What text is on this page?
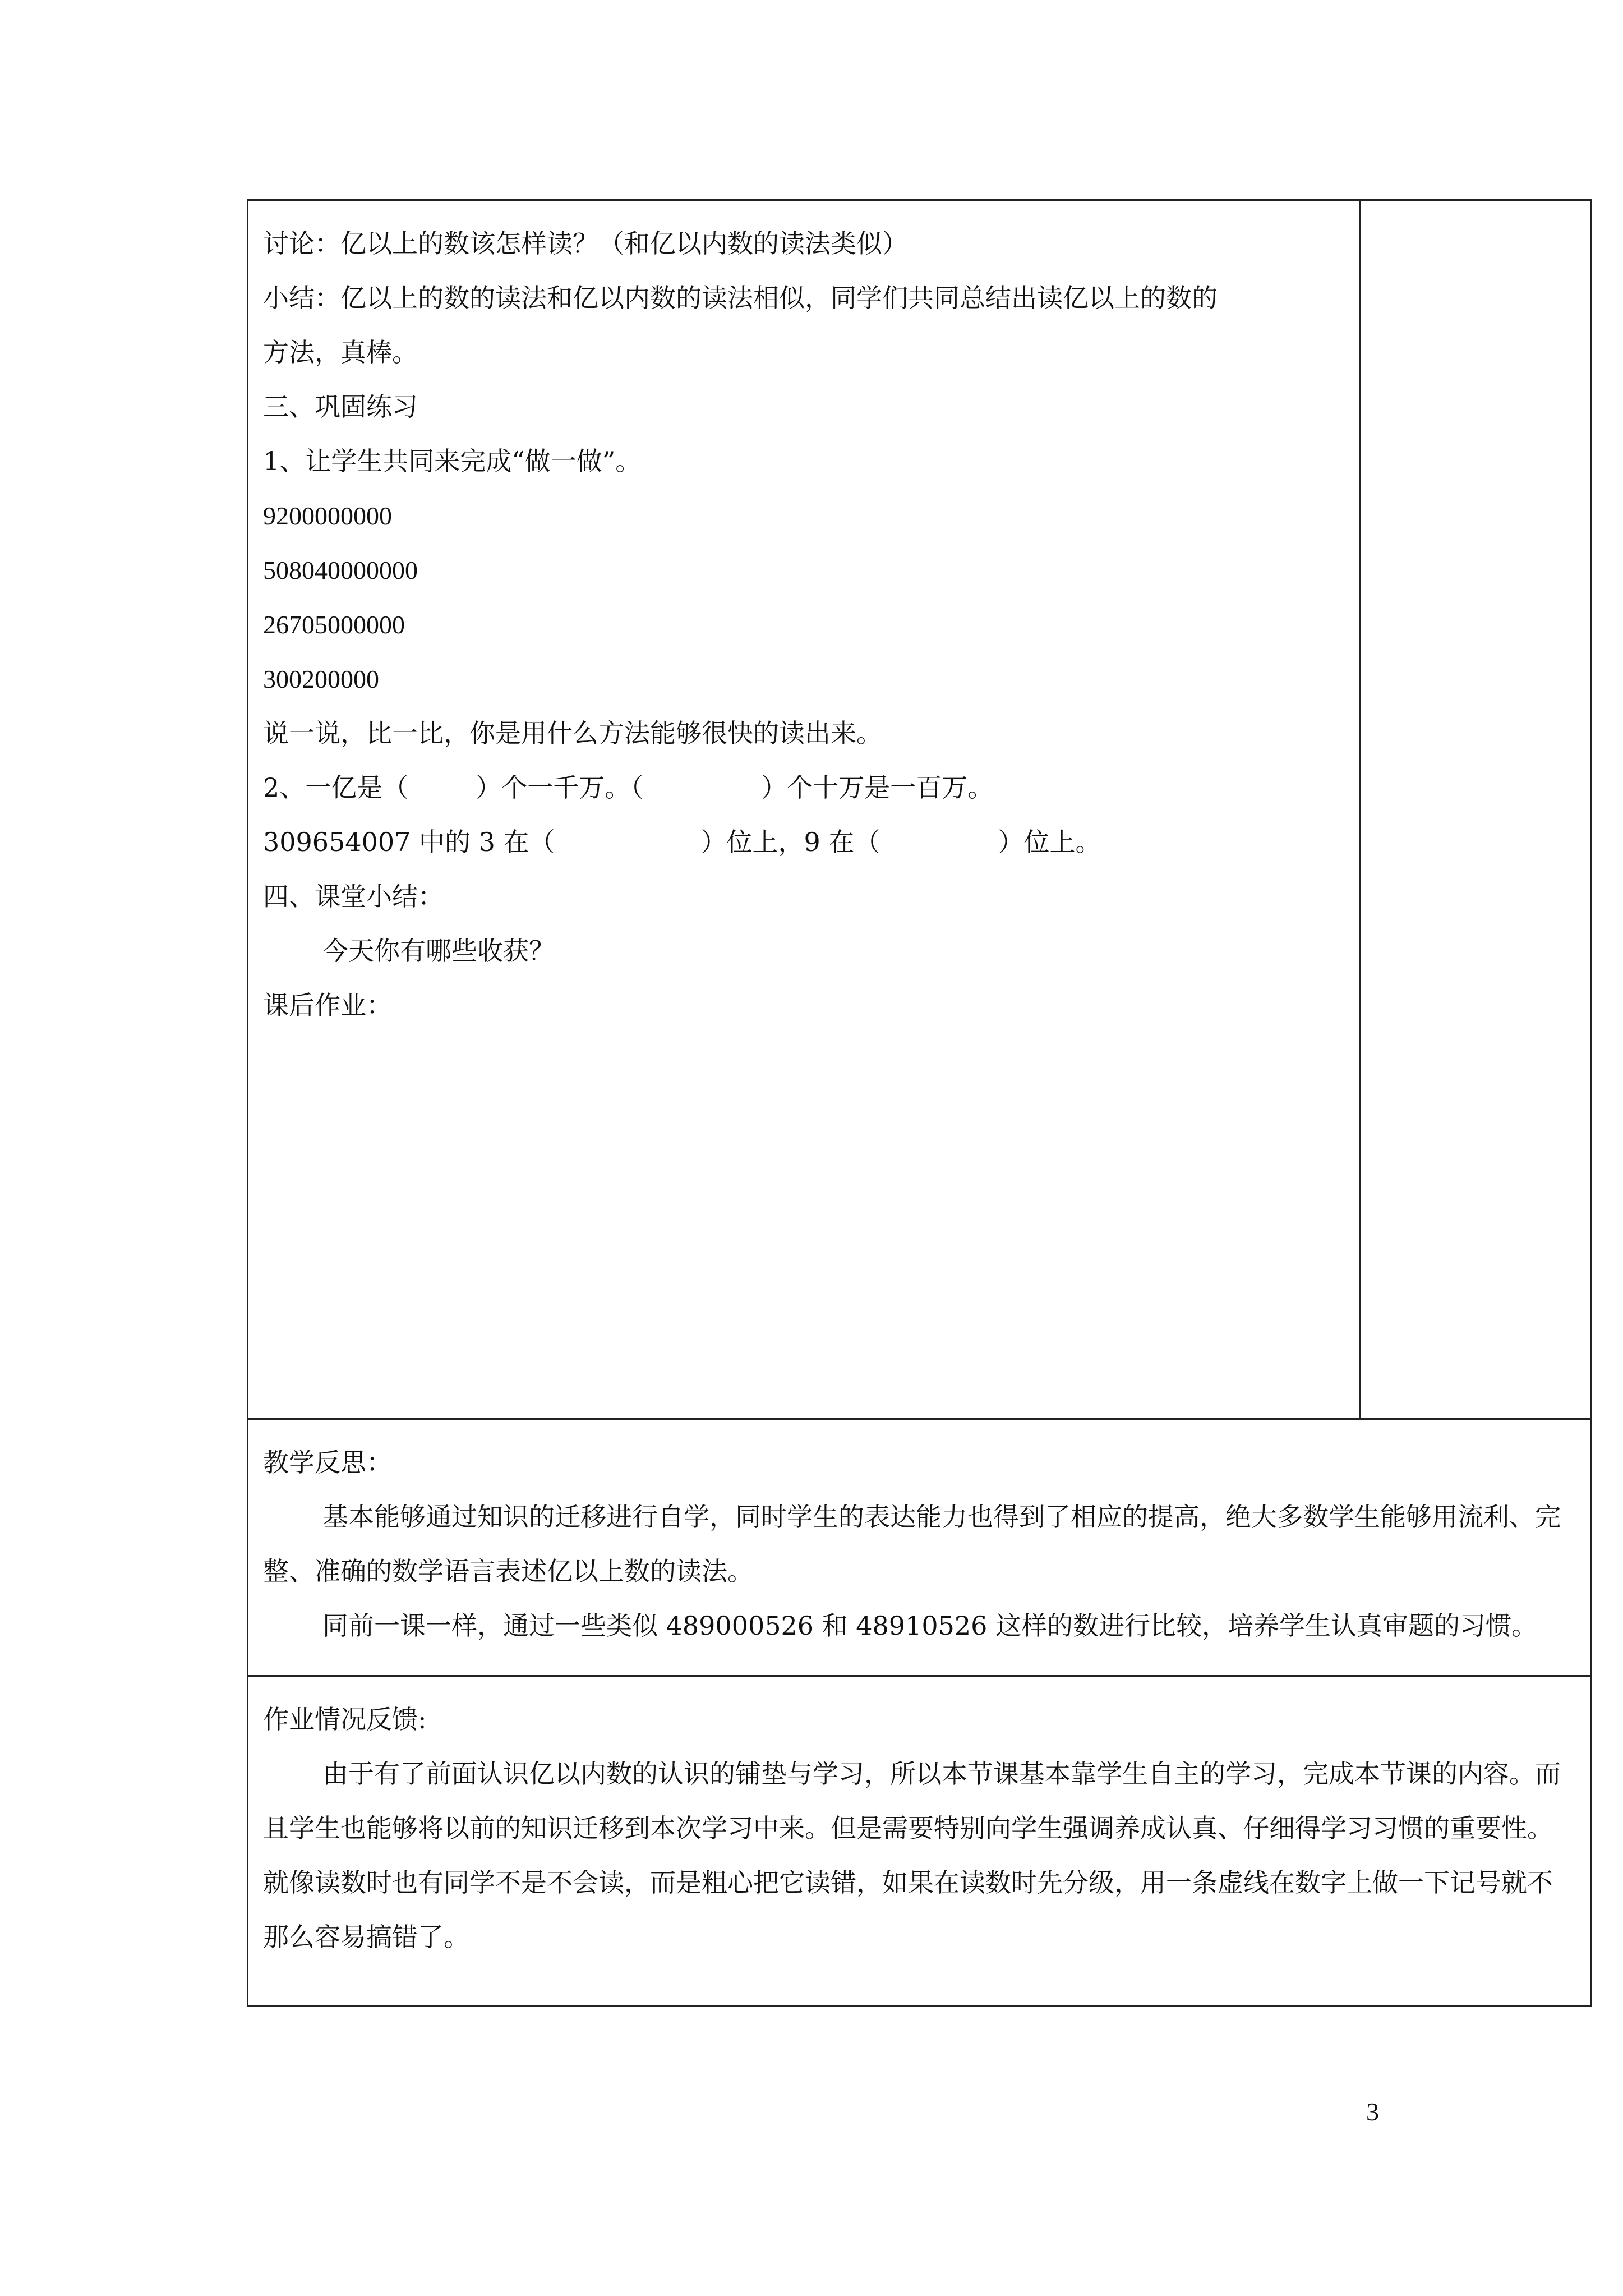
讨论：亿以上的数该怎样读？（和亿以内数的读法类似）
小结：亿以上的数的读法和亿以内数的读法相似，同学们共同总结出读亿以上的数的
方法，真棒。
三、巩固练习
1、让学生共同来完成“做一做”。
9200000000
508040000000
26705000000
300200000
说一说，比一比，你是用什么方法能够很快的读出来。
2、一亿是（	）个一千万。（	）个十万是一百万。
309654007 中的 3 在（	）位上，9 在（	）位上。
四、课堂小结：
今天你有哪些收获？
课后作业：

教学反思：
基本能够通过知识的迁移进行自学，同时学生的表达能力也得到了相应的提高，绝大多数学生能够用流利、完整、准确的数学语言表述亿以上数的读法。
同前一课一样，通过一些类似 489000526 和 48910526 这样的数进行比较，培养学生认真审题的习惯。

作业情况反馈:
由于有了前面认识亿以内数的认识的铺垫与学习，所以本节课基本靠学生自主的学习，完成本节课的内容。而且学生也能够将以前的知识迁移到本次学习中来。但是需要特别向学生强调养成认真、仔细得学习习惯的重要性。就像读数时也有同学不是不会读，而是粗心把它读错，如果在读数时先分级，用一条虚线在数字上做一下记号就不那么容易搞错了。
3
